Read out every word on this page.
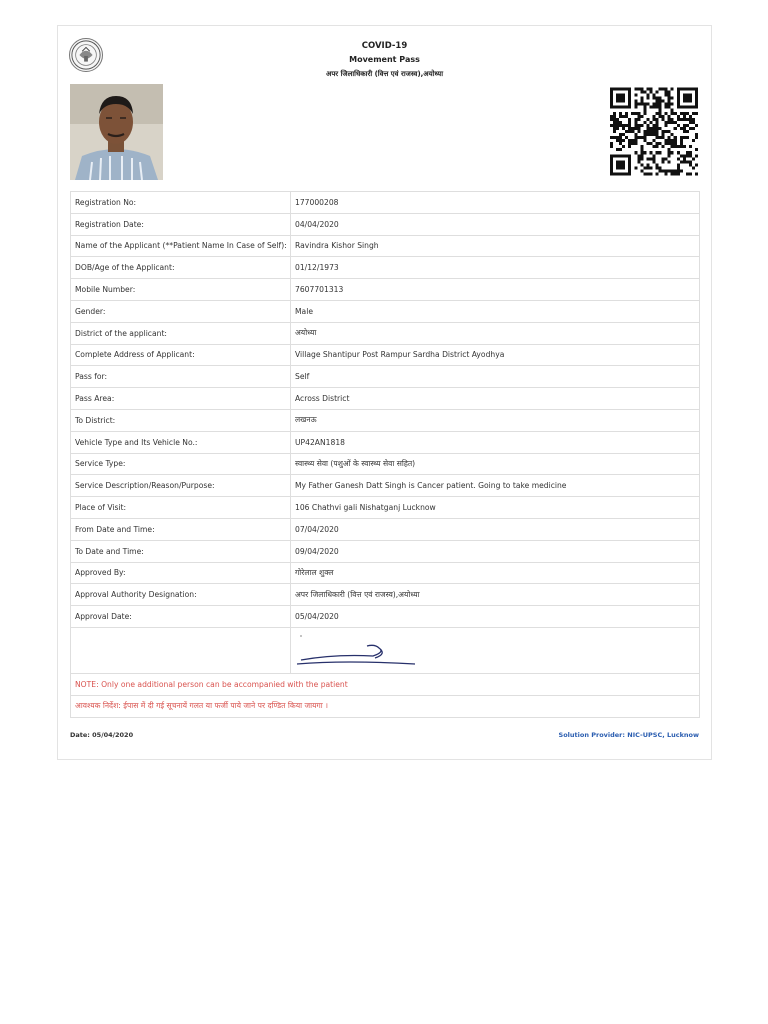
COVID-19
Movement Pass
अपर जिलाधिकारी (वित्त एवं राजस्व),अयोध्या
Registration No:	177000208
Registration Date:	04/04/2020
Name of the Applicant (**Patient Name In Case of Self):	Ravindra Kishor Singh
DOB/Age of the Applicant:	01/12/1973
Mobile Number:	7607701313
Gender:	Male
District of the applicant:	अयोध्या
Complete Address of Applicant:	Village Shantipur Post Rampur Sardha District Ayodhya
Pass for:	Self
Pass Area:	Across District
To District:	लखनऊ
Vehicle Type and Its Vehicle No.:	UP42AN1818
Service Type:	स्वास्थ्य सेवा (पशुओं के स्वास्थ्य सेवा सहित)
Service Description/Reason/Purpose:	My Father Ganesh Datt Singh is Cancer patient. Going to take medicine
Place of Visit:	106 Chathvi gali Nishatganj Lucknow
From Date and Time:	07/04/2020
To Date and Time:	09/04/2020
Approved By:	गोरेलाल शुक्ल
Approval Authority Designation:	अपर जिलाधिकारी (वित्त एवं राजस्व),अयोध्या
Approval Date:	05/04/2020

NOTE: Only one additional person can be accompanied with the patient	
आवश्यक निर्देश: ईपास में दी गई सूचनायें गलत या फर्जी पाये जाने पर दण्डित किया जायगा ।	
Date: 05/04/2020	Solution Provider: NIC-UPSC, Lucknow
